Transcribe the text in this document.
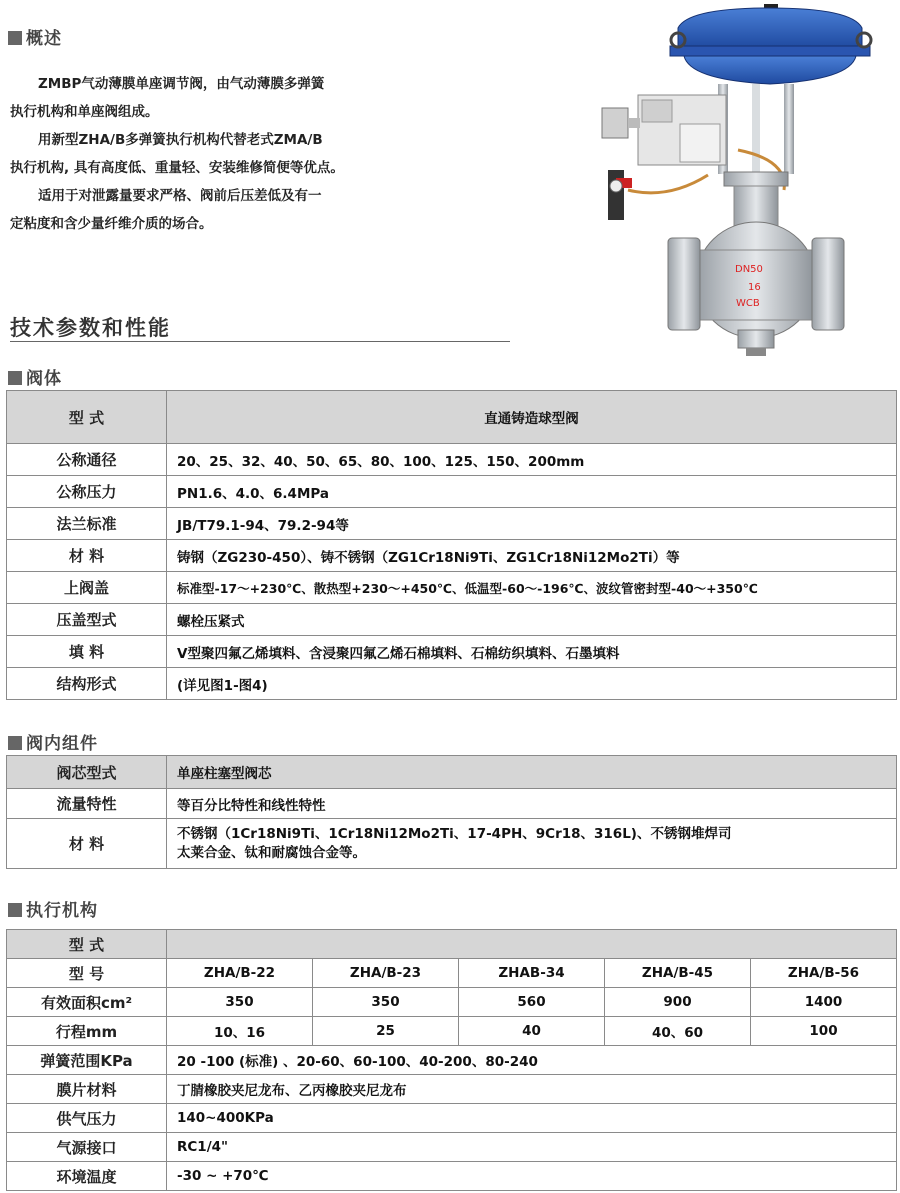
概述

ZMBP气动薄膜单座调节阀，由气动薄膜多弹簧

执行机构和单座阀组成。

用新型ZHA/B多弹簧执行机构代替老式ZMA/B

执行机构, 具有高度低、重量轻、安装维修简便等优点。

适用于对泄露量要求严格、阀前后压差低及有一

定粘度和含少量纤维介质的场合。

DN50
16
WCB
技术参数和性能
阀体
型 式	直通铸造球型阀
公称通径	20、25、32、40、50、65、80、100、125、150、200mm
公称压力	PN1.6、4.0、6.4MPa
法兰标准	JB/T79.1-94、79.2-94等
材 料	铸钢（ZG230-450）、铸不锈钢（ZG1Cr18Ni9Ti、ZG1Cr18Ni12Mo2Ti）等
上阀盖	标准型-17～+230℃、散热型+230～+450℃、低温型-60～-196℃、波纹管密封型-40～+350℃
压盖型式	螺栓压紧式
填 料	V型聚四氟乙烯填料、含浸聚四氟乙烯石棉填料、石棉纺织填料、石墨填料
结构形式	(详见图1-图4)
阀内组件
阀芯型式	单座柱塞型阀芯
流量特性	等百分比特性和线性特性
材 料	不锈钢（1Cr18Ni9Ti、1Cr18Ni12Mo2Ti、17-4PH、9Cr18、316L)、不锈钢堆焊司
太莱合金、钛和耐腐蚀合金等。
执行机构
型 式					
型 号	ZHA/B-22	ZHA/B-23	ZHAB-34	ZHA/B-45	ZHA/B-56
有效面积cm²	350	350	560	900	1400
行程mm	10、16	25	40	40、60	100
弹簧范围KPa	20 -100 (标准) 、20-60、60-100、40-200、80-240				
膜片材料	丁腈橡胶夹尼龙布、乙丙橡胶夹尼龙布				
供气压力	140~400KPa				
气源接口	RC1/4"				
环境温度	-30 ~ +70℃				
